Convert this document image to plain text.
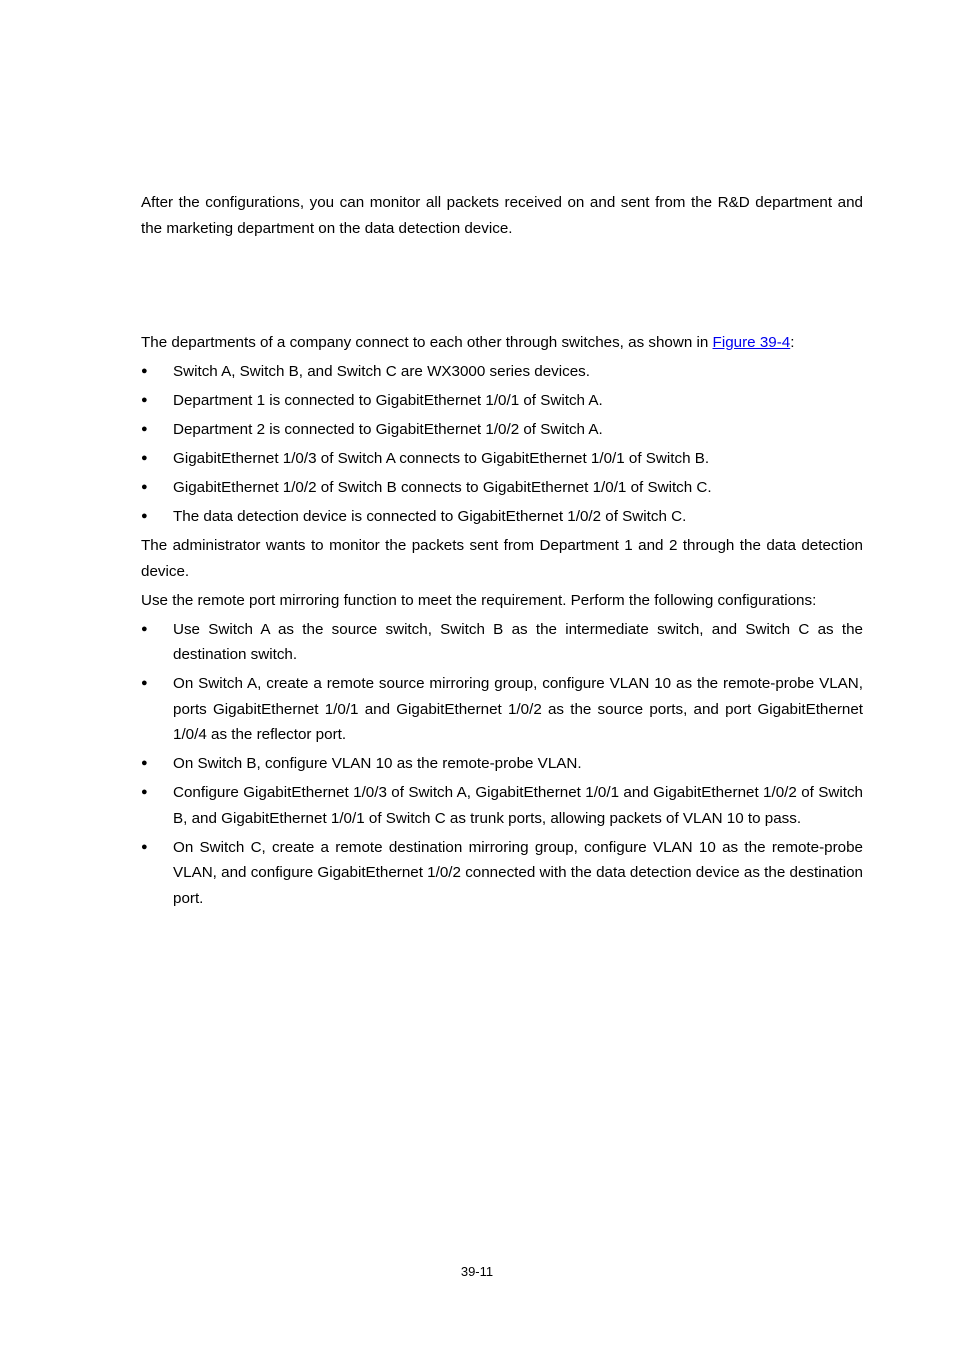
After the configurations, you can monitor all packets received on and sent from the R&D department and the marketing department on the data detection device.

The departments of a company connect to each other through switches, as shown in Figure 39-4:

● Switch A, Switch B, and Switch C are WX3000 series devices.
● Department 1 is connected to GigabitEthernet 1/0/1 of Switch A.
● Department 2 is connected to GigabitEthernet 1/0/2 of Switch A.
● GigabitEthernet 1/0/3 of Switch A connects to GigabitEthernet 1/0/1 of Switch B.
● GigabitEthernet 1/0/2 of Switch B connects to GigabitEthernet 1/0/1 of Switch C.
● The data detection device is connected to GigabitEthernet 1/0/2 of Switch C.

The administrator wants to monitor the packets sent from Department 1 and 2 through the data detection device.

Use the remote port mirroring function to meet the requirement. Perform the following configurations:

● Use Switch A as the source switch, Switch B as the intermediate switch, and Switch C as the destination switch.
● On Switch A, create a remote source mirroring group, configure VLAN 10 as the remote-probe VLAN, ports GigabitEthernet 1/0/1 and GigabitEthernet 1/0/2 as the source ports, and port GigabitEthernet 1/0/4 as the reflector port.
● On Switch B, configure VLAN 10 as the remote-probe VLAN.
● Configure GigabitEthernet 1/0/3 of Switch A, GigabitEthernet 1/0/1 and GigabitEthernet 1/0/2 of Switch B, and GigabitEthernet 1/0/1 of Switch C as trunk ports, allowing packets of VLAN 10 to pass.
● On Switch C, create a remote destination mirroring group, configure VLAN 10 as the remote-probe VLAN, and configure GigabitEthernet 1/0/2 connected with the data detection device as the destination port.
39-11
